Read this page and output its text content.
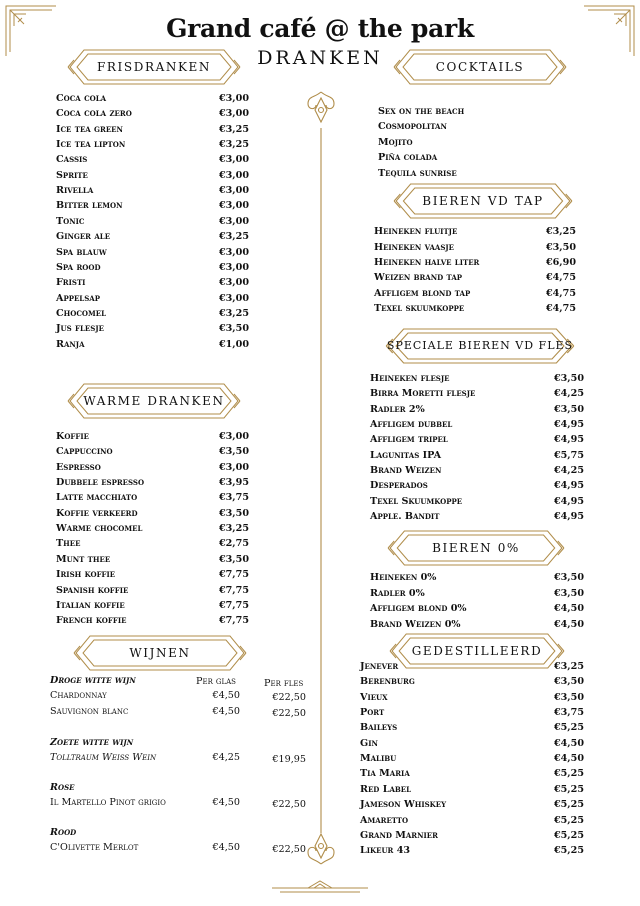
Grand café @ the park
DRANKEN
FRISDRANKEN
WARME DRANKEN
WIJNEN
COCKTAILS
BIEREN VD TAP
SPECIALE BIEREN VD FLES
BIEREN 0%
GEDESTILLEERD
Per glas	Per fles
Coca cola	€3,00
Coca cola zero	€3,00
Ice tea green	€3,25
Ice tea lipton	€3,25
Cassis	€3,00
Sprite	€3,00
Rivella	€3,00
Bitter lemon	€3,00
Tonic	€3,00
Ginger ale	€3,25
Spa blauw	€3,00
Spa rood	€3,00
Fristi	€3,00
Appelsap	€3,00
Chocomel	€3,25
Jus flesje	€3,50
Ranja	€1,00
Koffie	€3,00
Cappuccino	€3,50
Espresso	€3,00
Dubbele espresso	€3,95
Latte macchiato	€3,75
Koffie verkeerd	€3,50
Warme chocomel	€3,25
Thee	€2,75
Munt thee	€3,50
Irish koffie	€7,75
Spanish koffie	€7,75
Italian koffie	€7,75
French koffie	€7,75
Sex on the beach
Cosmopolitan
Mojito
Piña colada
Tequila sunrise
Heineken fluitje	€3,25
Heineken vaasje	€3,50
Heineken halve liter	€6,90
Weizen brand tap	€4,75
Affligem blond tap	€4,75
Texel skuumkoppe	€4,75
Heineken flesje	€3,50
Birra Moretti flesje	€4,25
Radler 2%	€3,50
Affligem dubbel	€4,95
Affligem tripel	€4,95
Lagunitas IPA	€5,75
Brand Weizen	€4,25
Desperados	€4,95
Texel Skuumkoppe	€4,95
Apple. Bandit	€4,95
Heineken 0%	€3,50
Radler 0%	€3,50
Affligem blond 0%	€4,50
Brand Weizen 0%	€4,50
Jenever	€3,25
Berenburg	€3,50
Vieux	€3,50
Port	€3,75
Baileys	€5,25
Gin	€4,50
Malibu	€4,50
Tia Maria	€5,25
Red Label	€5,25
Jameson Whiskey	€5,25
Amaretto	€5,25
Grand Marnier	€5,25
Likeur 43	€5,25
Droge witte wijn
Chardonnay	€4,50	€22,50
Sauvignon blanc	€4,50	€22,50
Zoete witte wijn
Tolltraum Weiss Wein	€4,25	€19,95
Rose
Il Martello Pinot grigio	€4,50	€22,50
Rood
C'Olivette Merlot	€4,50	€22,50
